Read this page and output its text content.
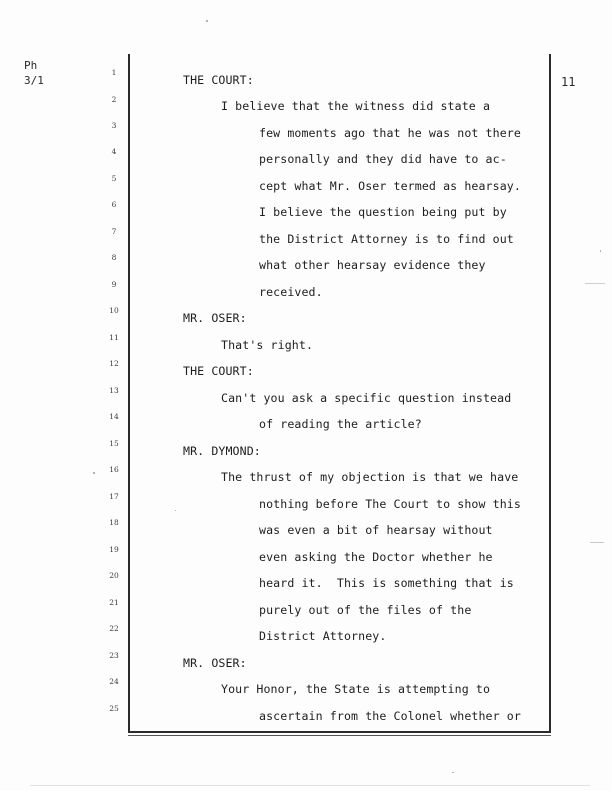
Ph
3/1	11
1
2
3
4
5
6
7
8
9
10
11
12
13
14
15
16
17
18
19
20
21
22
23
24
25
THE COURT:
I believe that the witness did state a
few moments ago that he was not there
personally and they did have to ac-
cept what Mr. Oser termed as hearsay.
I believe the question being put by
the District Attorney is to find out
what other hearsay evidence they
received.
MR. OSER:
That's right.
THE COURT:
Can't you ask a specific question instead
of reading the article?
MR. DYMOND:
The thrust of my objection is that we have
nothing before The Court to show this
was even a bit of hearsay without
even asking the Doctor whether he
heard it.  This is something that is
purely out of the files of the
District Attorney.
MR. OSER:
Your Honor, the State is attempting to
ascertain from the Colonel whether or
